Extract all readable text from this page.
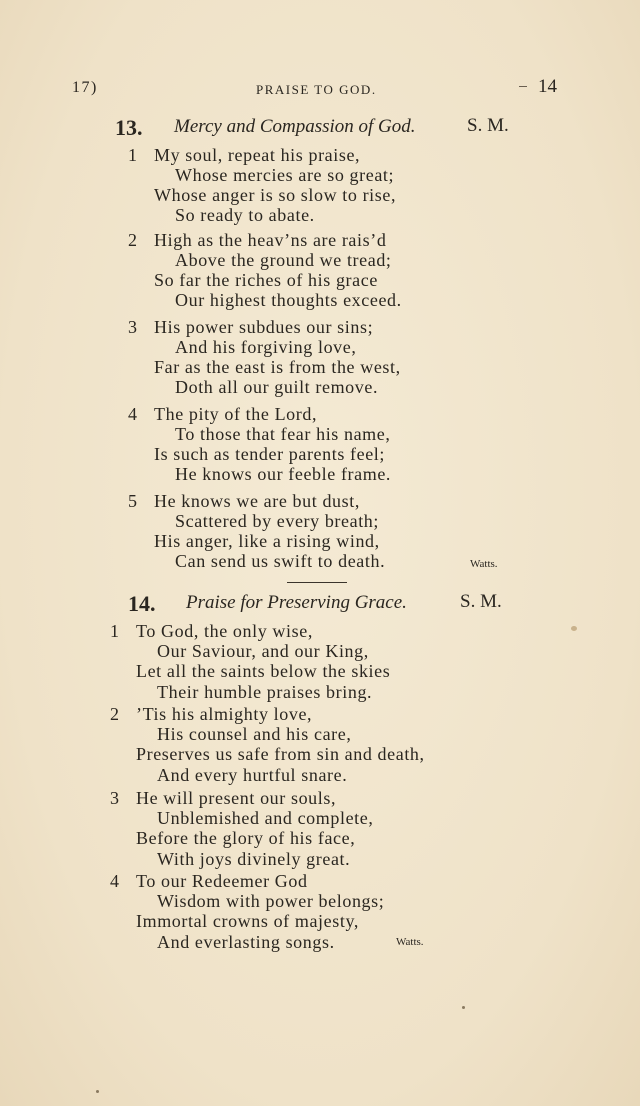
17)	PRAISE TO GOD.	14
13. Mercy and Compassion of God.	S. M.
1 My soul, repeat his praise,
Whose mercies are so great;
Whose anger is so slow to rise,
So ready to abate.
2 High as the heav’ns are rais’d
Above the ground we tread;
So far the riches of his grace
Our highest thoughts exceed.
3 His power subdues our sins;
And his forgiving love,
Far as the east is from the west,
Doth all our guilt remove.
4 The pity of the Lord,
To those that fear his name,
Is such as tender parents feel;
He knows our feeble frame.
5 He knows we are but dust,
Scattered by every breath;
His anger, like a rising wind,
Can send us swift to death.	Watts.
14. Praise for Preserving Grace.	S. M.
1 To God, the only wise,
Our Saviour, and our King,
Let all the saints below the skies
Their humble praises bring.
2 ’Tis his almighty love,
His counsel and his care,
Preserves us safe from sin and death,
And every hurtful snare.
3 He will present our souls,
Unblemished and complete,
Before the glory of his face,
With joys divinely great.
4 To our Redeemer God
Wisdom with power belongs;
Immortal crowns of majesty,
And everlasting songs.	Watts.
